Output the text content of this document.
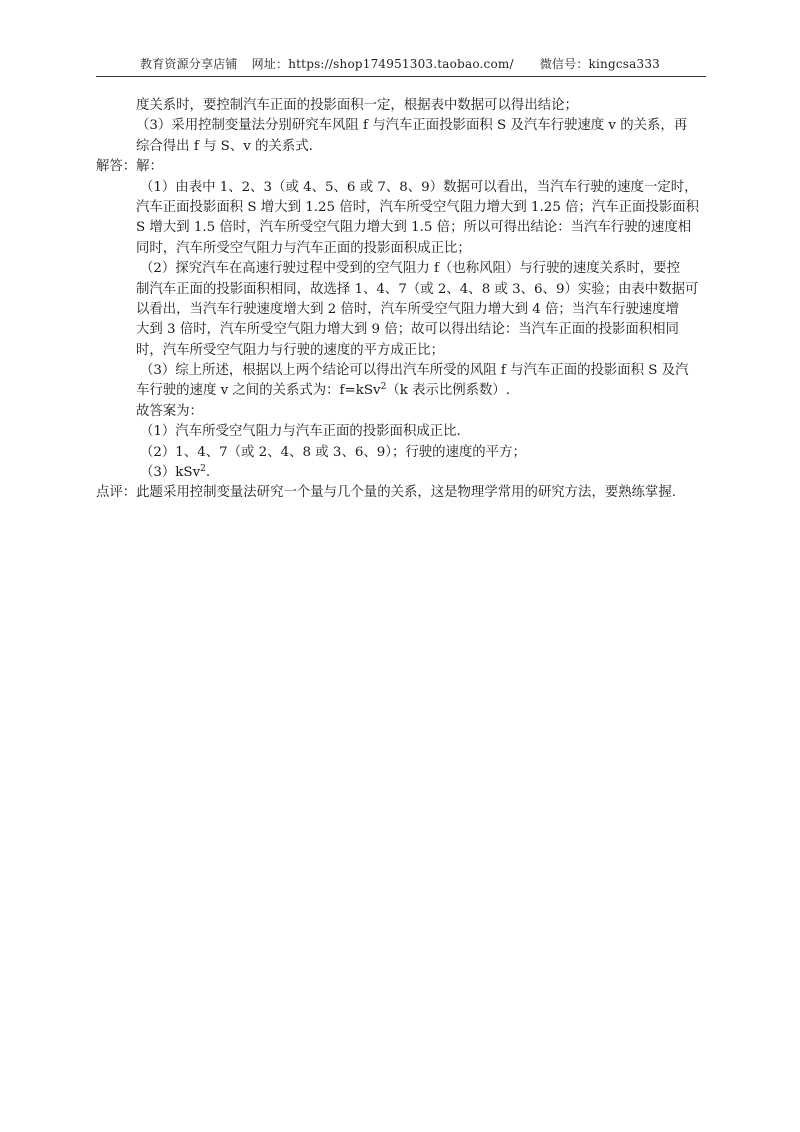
教育资源分享店铺 网址：https://shop174951303.taobao.com/ 微信号：kingcsa333
度关系时，要控制汽车正面的投影面积一定，根据表中数据可以得出结论；
（3）采用控制变量法分别研究车风阻 f 与汽车正面投影面积 S 及汽车行驶速度 v 的关系，再
综合得出 f 与 S、v 的关系式.
解答：解：
（1）由表中 1、2、3（或 4、5、6 或 7、8、9）数据可以看出，当汽车行驶的速度一定时，
汽车正面投影面积 S 增大到 1.25 倍时，汽车所受空气阻力增大到 1.25 倍；汽车正面投影面积
S 增大到 1.5 倍时，汽车所受空气阻力增大到 1.5 倍；所以可得出结论：当汽车行驶的速度相
同时，汽车所受空气阻力与汽车正面的投影面积成正比；
（2）探究汽车在高速行驶过程中受到的空气阻力 f（也称风阻）与行驶的速度关系时，要控
制汽车正面的投影面积相同，故选择 1、4、7（或 2、4、8 或 3、6、9）实验；由表中数据可
以看出，当汽车行驶速度增大到 2 倍时，汽车所受空气阻力增大到 4 倍；当汽车行驶速度增
大到 3 倍时，汽车所受空气阻力增大到 9 倍；故可以得出结论：当汽车正面的投影面积相同
时，汽车所受空气阻力与行驶的速度的平方成正比；
（3）综上所述，根据以上两个结论可以得出汽车所受的风阻 f 与汽车正面的投影面积 S 及汽
车行驶的速度 v 之间的关系式为：f=kSv$^2$（k 表示比例系数）.
故答案为：
（1）汽车所受空气阻力与汽车正面的投影面积成正比.
（2）1、4、7（或 2、4、8 或 3、6、9）；行驶的速度的平方；
（3）kSv$^2$.
点评：此题采用控制变量法研究一个量与几个量的关系，这是物理学常用的研究方法，要熟练掌握.
